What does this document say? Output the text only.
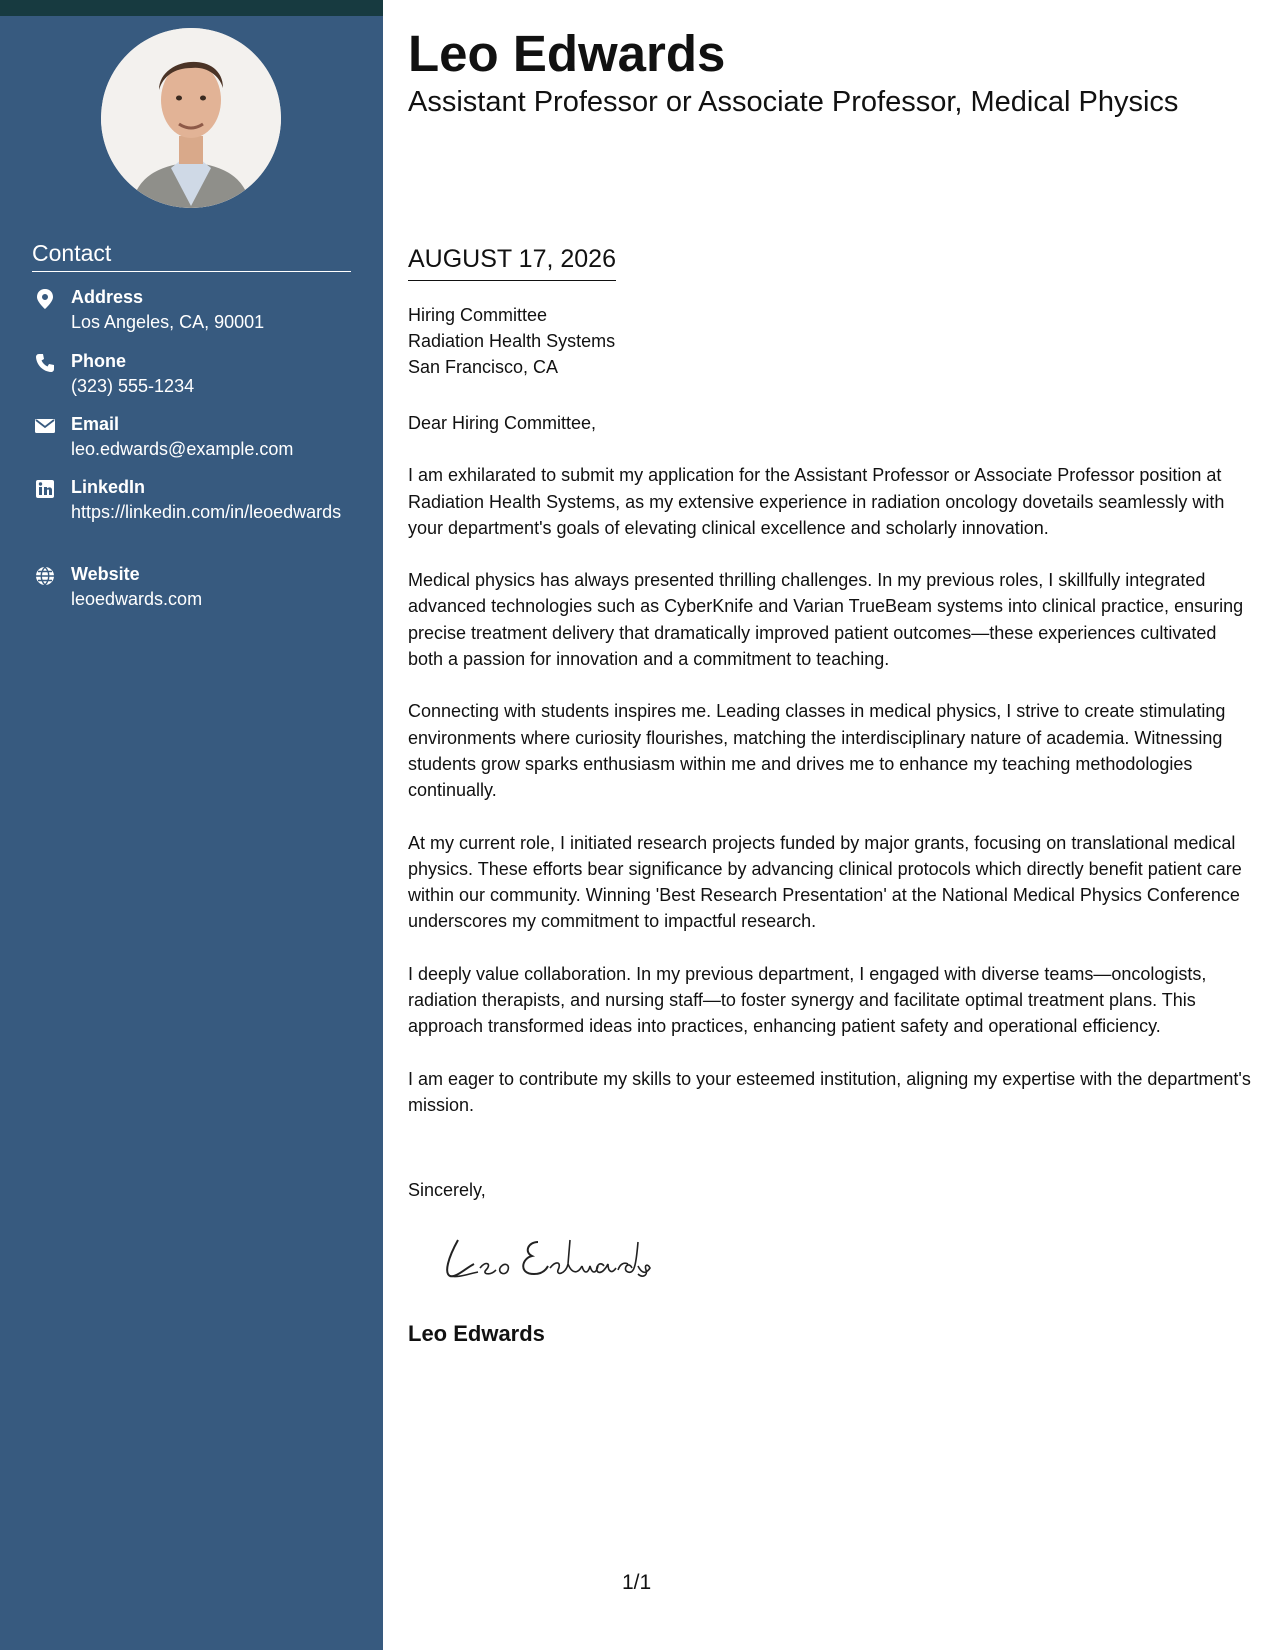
Contact
Address
Los Angeles, CA, 90001
Phone
(323) 555-1234
Email
leo.edwards@example.com
LinkedIn
https://linkedin.com/in/leoedwards
Website
leoedwards.com
Leo Edwards
Assistant Professor or Associate Professor, Medical Physics
AUGUST 17, 2026
Hiring Committee
Radiation Health Systems
San Francisco, CA

Dear Hiring Committee,

I am exhilarated to submit my application for the Assistant Professor or Associate Professor position at Radiation Health Systems, as my extensive experience in radiation oncology dovetails seamlessly with your department's goals of elevating clinical excellence and scholarly innovation.

Medical physics has always presented thrilling challenges. In my previous roles, I skillfully integrated advanced technologies such as CyberKnife and Varian TrueBeam systems into clinical practice, ensuring precise treatment delivery that dramatically improved patient outcomes—these experiences cultivated both a passion for innovation and a commitment to teaching.

Connecting with students inspires me. Leading classes in medical physics, I strive to create stimulating environments where curiosity flourishes, matching the interdisciplinary nature of academia. Witnessing students grow sparks enthusiasm within me and drives me to enhance my teaching methodologies continually.

At my current role, I initiated research projects funded by major grants, focusing on translational medical physics. These efforts bear significance by advancing clinical protocols which directly benefit patient care within our community. Winning 'Best Research Presentation' at the National Medical Physics Conference underscores my commitment to impactful research.

I deeply value collaboration. In my previous department, I engaged with diverse teams—oncologists, radiation therapists, and nursing staff—to foster synergy and facilitate optimal treatment plans. This approach transformed ideas into practices, enhancing patient safety and operational efficiency.

I am eager to contribute my skills to your esteemed institution, aligning my expertise with the department's mission.

Sincerely,
Leo Edwards
1/1
